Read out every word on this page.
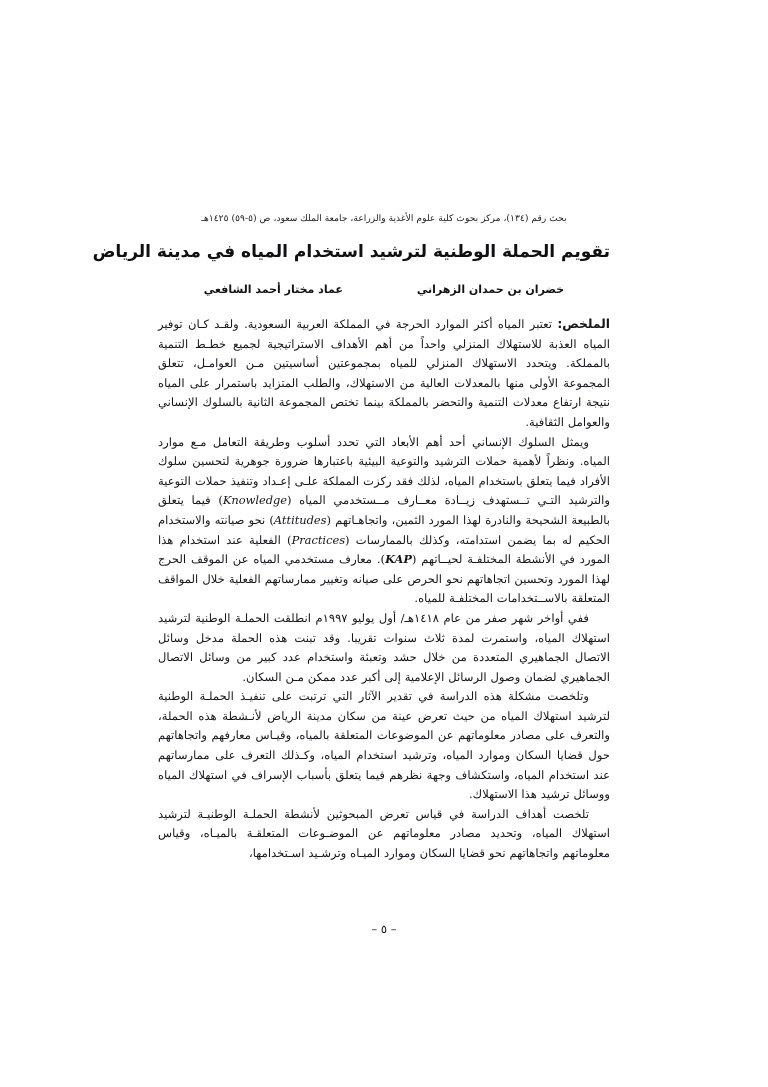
بحث رقم (١٣٤)، مركز بحوث كلية علوم الأغذية والزراعة، جامعة الملك سعود، ص (٥-٥٩) ١٤٢٥هـ
تقويم الحملة الوطنية لترشيد استخدام المياه في مدينة الرياض
خضران بن حمدان الزهراني
عماد مختار أحمد الشافعي

الملخص: تعتبر المياه أكثر الموارد الحرجة في المملكة العربية السعودية. ولقـد كـان توفير المياه العذبة للاستهلاك المنزلي واحداً من أهم الأهداف الاستراتيجية لجميع خطـط التنمية بالمملكة. ويتحدد الاستهلاك المنزلي للمياه بمجموعتين أساسيتين مـن العوامـل، تتعلق المجموعة الأولى منها بالمعدلات العالية من الاستهلاك، والطلب المتزايد باستمرار على المياه نتيجة ارتفاع معدلات التنمية والتحضر بالمملكة بينما تختص المجموعة الثانية بالسلوك الإنساني والعوامل الثقافية.

ويمثل السلوك الإنساني أحد أهم الأبعاد التي تحدد أسلوب وطريقة التعامل مـع موارد المياه. ونظراً لأهمية حملات الترشيد والتوعية البيئية باعتبارها ضرورة جوهرية لتحسين سلوك الأفراد فيما يتعلق باستخدام المياه، لذلك فقد ركزت المملكة علـى إعـداد وتنفيذ حملات التوعية والترشيد التـي تــستهدف زيــادة معــارف مــستخدمي المياه (Knowledge) فيما يتعلق بالطبيعة الشحيحة والنادرة لهذا المورد الثمين، واتجاهـاتهم (Attitudes) نحو صيانته والاستخدام الحكيم له بما يضمن استدامته، وكذلك بالممارسات (Practices) الفعلية عند استخدام هذا المورد في الأنشطة المختلفـة لحيــاتهم (KAP). معارف مستخدمي المياه عن الموقف الحرج لهذا المورد وتحسين اتجاهاتهم نحو الحرص على صيانه وتغيير ممارساتهم الفعلية خلال المواقف المتعلقة بالاســتخدامات المختلفـة للمياه.

ففي أواخر شهر صفر من عام ١٤١٨هـ/ أول يوليو ١٩٩٧م انطلقت الحملـة الوطنية لترشيد استهلاك المياه، واستمرت لمدة ثلاث سنوات تقريبا. وقد تبنت هذه الحملة مدخل وسائل الاتصال الجماهيري المتعددة من خلال حشد وتعبئة واستخدام عدد كبير من وسائل الاتصال الجماهيري لضمان وصول الرسائل الإعلامية إلى أكبر عدد ممكن مـن السكان.

وتلخصت مشكلة هذه الدراسة في تقدير الآثار التي ترتبت على تنفيـذ الحملـة الوطنية لترشيد استهلاك المياه من حيث تعرض عينة من سكان مدينة الرياض لأنـشطة هذه الحملة، والتعرف على مصادر معلوماتهم عن الموضوعات المتعلقة بالمياه، وقيـاس معارفهم واتجاهاتهم حول قضايا السكان وموارد المياه، وترشيد استخدام المياه، وكـذلك التعرف على ممارساتهم عند استخدام المياه، واستكشاف وجهة نظرهم فيما يتعلق بأسباب الإسراف في استهلاك المياه ووسائل ترشيد هذا الاستهلاك.

تلخصت أهداف الدراسة في قياس تعرض المبحوثين لأنشطة الحملـة الوطنيـة لترشيد استهلاك المياه، وتحديد مصادر معلوماتهم عن الموضـوعات المتعلقـة بالميـاه، وقياس معلوماتهم واتجاهاتهم نحو قضايا السكان وموارد الميـاه وترشـيد اسـتخدامها،

– ٥ –
